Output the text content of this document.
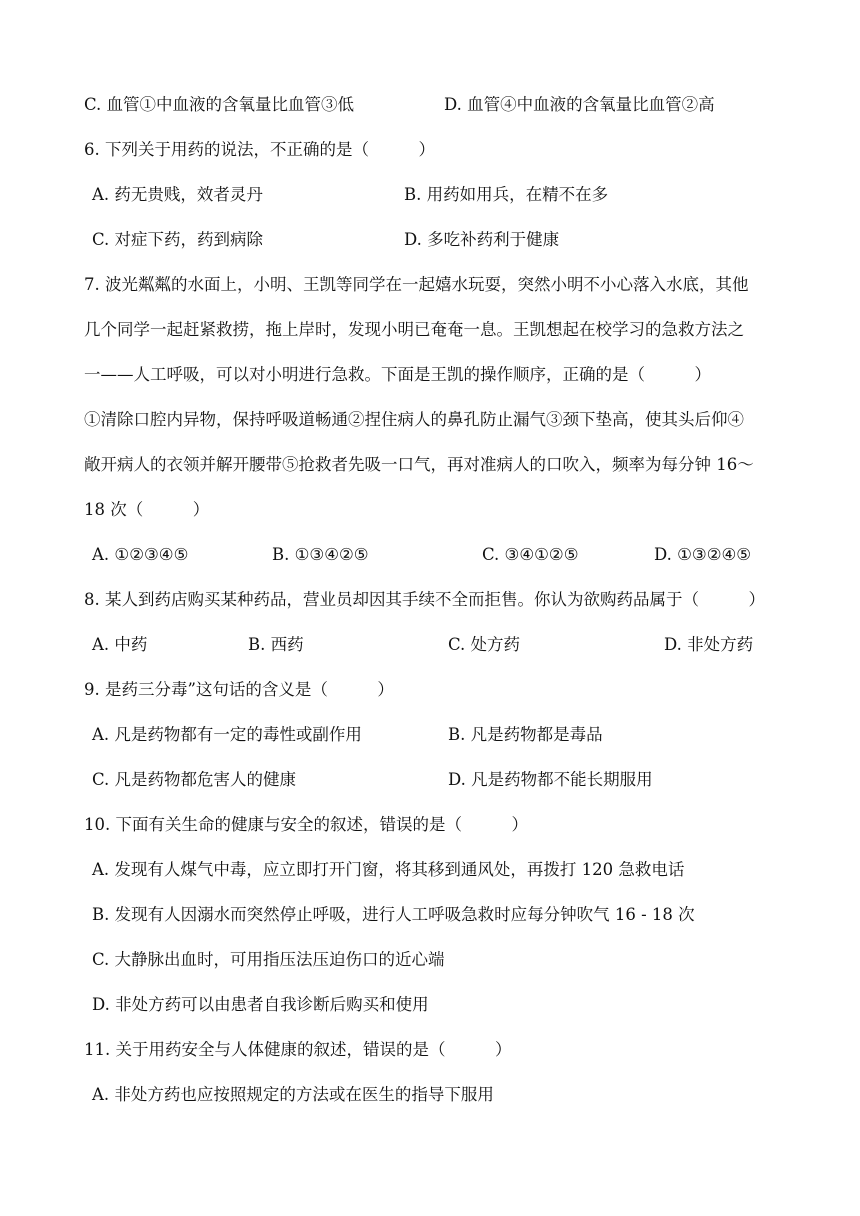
C. 血管①中血液的含氧量比血管③低	D. 血管④中血液的含氧量比血管②高
6. 下列关于用药的说法，不正确的是（　　　）
A. 药无贵贱，效者灵丹	B. 用药如用兵，在精不在多
C. 对症下药，药到病除	D. 多吃补药利于健康
7. 波光粼粼的水面上，小明、王凯等同学在一起嬉水玩耍，突然小明不小心落入水底，其他
几个同学一起赶紧救捞，拖上岸时，发现小明已奄奄一息。王凯想起在校学习的急救方法之
一——人工呼吸，可以对小明进行急救。下面是王凯的操作顺序，正确的是（　　　）
①清除口腔内异物，保持呼吸道畅通②捏住病人的鼻孔防止漏气③颈下垫高，使其头后仰④
敞开病人的衣领并解开腰带⑤抢救者先吸一口气，再对准病人的口吹入，频率为每分钟 16～
18 次（　　　）
A. ①②③④⑤	B. ①③④②⑤	C. ③④①②⑤	D. ①③②④⑤
8. 某人到药店购买某种药品，营业员却因其手续不全而拒售。你认为欲购药品属于（　　　）
A. 中药	B. 西药	C. 处方药	D. 非处方药
9. 是药三分毒”这句话的含义是（　　　）
A. 凡是药物都有一定的毒性或副作用	B. 凡是药物都是毒品
C. 凡是药物都危害人的健康	D. 凡是药物都不能长期服用
10. 下面有关生命的健康与安全的叙述，错误的是（　　　）
A. 发现有人煤气中毒，应立即打开门窗，将其移到通风处，再拨打 120 急救电话
B. 发现有人因溺水而突然停止呼吸，进行人工呼吸急救时应每分钟吹气 16 - 18 次
C. 大静脉出血时，可用指压法压迫伤口的近心端
D. 非处方药可以由患者自我诊断后购买和使用
11. 关于用药安全与人体健康的叙述，错误的是（　　　）
A. 非处方药也应按照规定的方法或在医生的指导下服用
